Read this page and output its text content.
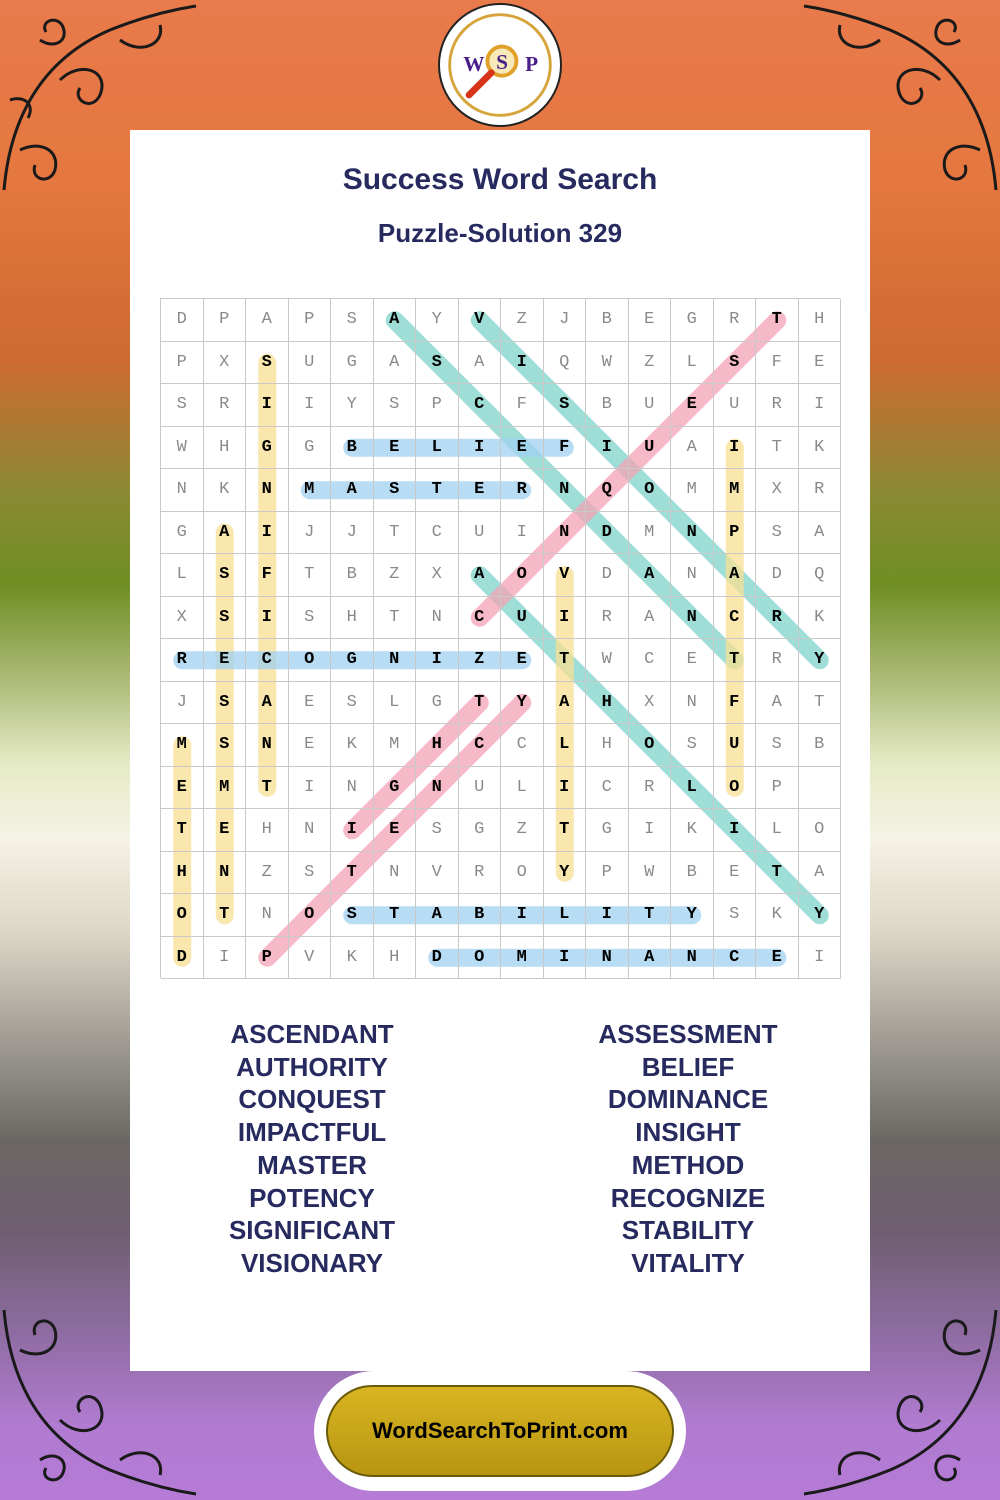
W S P
Success Word Search
Puzzle-Solution 329
D	P	A	P	S	A	Y	V	Z	J	B	E	G	R	T	H
P	X	S	U	G	A	S	A	I	Q	W	Z	L	S	F	E
S	R	I	I	Y	S	P	C	F	S	B	U	E	U	R	I
W	H	G	G	B	E	L	I	E	F	I	U	A	I	T	K
N	K	N	M	A	S	T	E	R	N	Q	O	M	M	X	R
G	A	I	J	J	T	C	U	I	N	D	M	N	P	S	A
L	S	F	T	B	Z	X	A	O	V	D	A	N	A	D	Q
X	S	I	S	H	T	N	C	U	I	R	A	N	C	R	K
R	E	C	O	G	N	I	Z	E	T	W	C	E	T	R	Y
J	S	A	E	S	L	G	T	Y	A	H	X	N	F	A	T
M	S	N	E	K	M	H	C	C	L	H	O	S	U	S	B
E	M	T	I	N	G	N	U	L	I	C	R	L	O	P
T	E	H	N	I	E	S	G	Z	T	G	I	K	I	L	O
H	N	Z	S	T	N	V	R	O	Y	P	W	B	E	T	A
O	T	N	O	S	T	A	B	I	L	I	T	Y	S	K	Y
D	I	P	V	K	H	D	O	M	I	N	A	N	C	E	I
ASCENDANT
AUTHORITY
CONQUEST
IMPACTFUL
MASTER
POTENCY
SIGNIFICANT
VISIONARY
ASSESSMENT
BELIEF
DOMINANCE
INSIGHT
METHOD
RECOGNIZE
STABILITY
VITALITY
WordSearchToPrint.com
